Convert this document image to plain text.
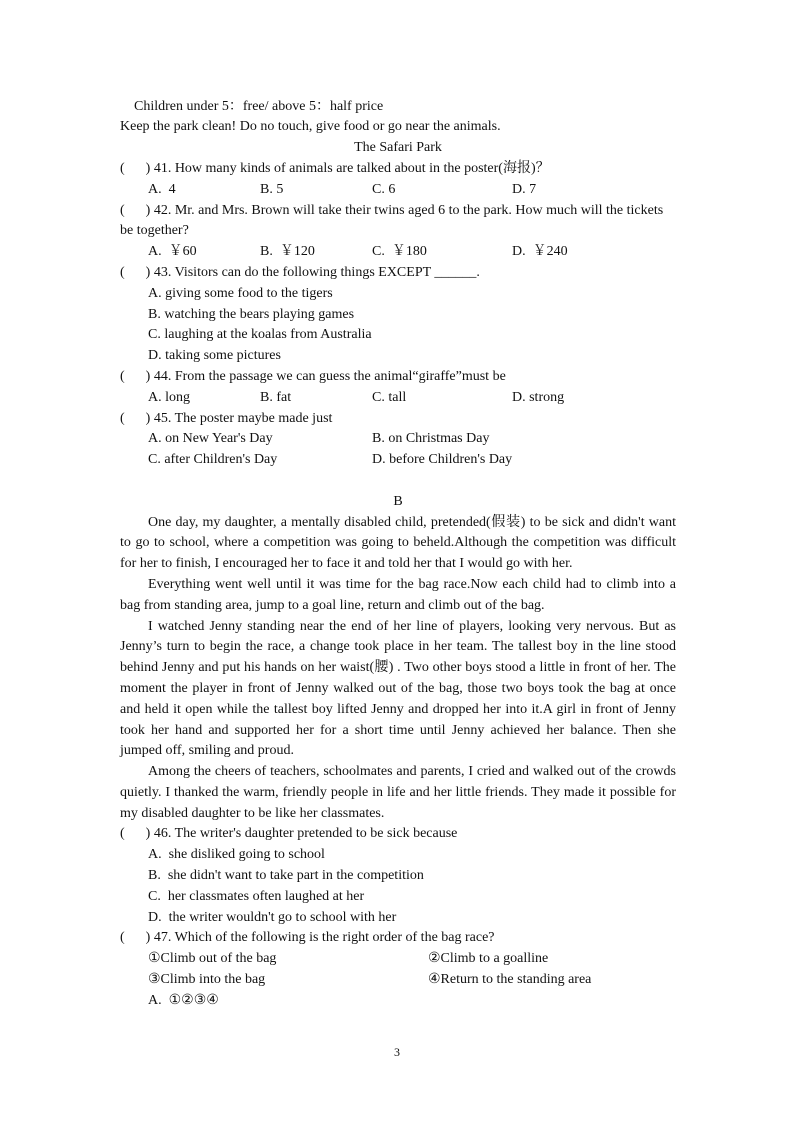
Children under 5：free/ above 5：half price
Keep the park clean! Do no touch, give food or go near the animals.
The Safari Park
(      ) 41. How many kinds of animals are talked about in the poster(海报)？
A.  4	B. 5	C. 6	D. 7
(      ) 42. Mr. and Mrs. Brown will take their twins aged 6 to the park. How much will the tickets
be together?
A.  ￥60	B.  ￥120	C.  ￥180	D.  ￥240
(      ) 43. Visitors can do the following things EXCEPT ______.
A. giving some food to the tigers
B. watching the bears playing games
C. laughing at the koalas from Australia
D. taking some pictures
(      ) 44. From the passage we can guess the animal“giraffe”must be
A. long	B. fat	C. tall	D. strong
(      ) 45. The poster maybe made just
A. on New Year's Day	B. on Christmas Day
C. after Children's Day	D. before Children's Day
B
One day, my daughter, a mentally disabled child, pretended(假装) to be sick and didn't want
to go to school, where a competition was going to beheld.Although the competition was difficult
for her to finish, I encouraged her to face it and told her that I would go with her.
Everything went well until it was time for the bag race.Now each child had to climb into a
bag from standing area, jump to a goal line, return and climb out of the bag.
I watched Jenny standing near the end of her line of players, looking very nervous. But as
Jenny’s turn to begin the race, a change took place in her team. The tallest boy in the line stood
behind Jenny and put his hands on her waist(腰) . Two other boys stood a little in front of her. The
moment the player in front of Jenny walked out of the bag, those two boys took the bag at once
and held it open while the tallest boy lifted Jenny and dropped her into it.A girl in front of Jenny
took her hand and supported her for a short time until Jenny achieved her balance. Then she
jumped off, smiling and proud.
Among the cheers of teachers, schoolmates and parents, I cried and walked out of the crowds
quietly. I thanked the warm, friendly people in life and her little friends. They made it possible for
my disabled daughter to be like her classmates.
(      ) 46. The writer's daughter pretended to be sick because
A.  she disliked going to school
B.  she didn't want to take part in the competition
C.  her classmates often laughed at her
D.  the writer wouldn't go to school with her
(      ) 47. Which of the following is the right order of the bag race?
①Climb out of the bag	②Climb to a goalline
③Climb into the bag	④Return to the standing area
A.  ①②③④
3
